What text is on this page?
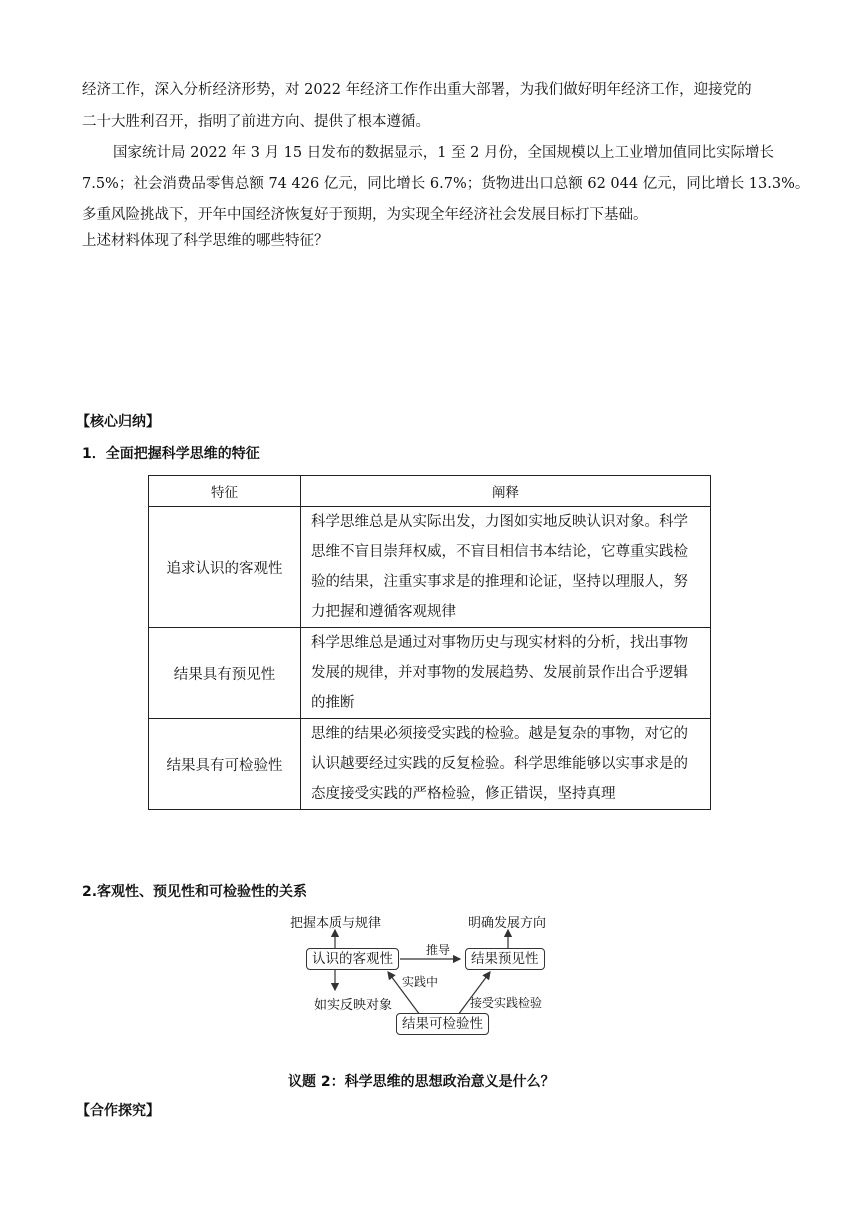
经济工作，深入分析经济形势，对 2022 年经济工作作出重大部署，为我们做好明年经济工作，迎接党的
二十大胜利召开，指明了前进方向、提供了根本遵循。
国家统计局 2022 年 3 月 15 日发布的数据显示，1 至 2 月份，全国规模以上工业增加值同比实际增长
7.5%；社会消费品零售总额 74 426 亿元，同比增长 6.7%；货物进出口总额 62 044 亿元，同比增长 13.3%。
多重风险挑战下，开年中国经济恢复好于预期，为实现全年经济社会发展目标打下基础。
上述材料体现了科学思维的哪些特征？
【核心归纳】
1．全面把握科学思维的特征
特征	阐释
追求认识的客观性	科学思维总是从实际出发，力图如实地反映认识对象。科学
思维不盲目崇拜权威，不盲目相信书本结论，它尊重实践检
验的结果，注重实事求是的推理和论证，坚持以理服人，努
力把握和遵循客观规律

结果具有预见性	科学思维总是通过对事物历史与现实材料的分析，找出事物
发展的规律，并对事物的发展趋势、发展前景作出合乎逻辑
的推断

结果具有可检验性	思维的结果必须接受实践的检验。越是复杂的事物，对它的
认识越要经过实践的反复检验。科学思维能够以实事求是的
态度接受实践的严格检验，修正错误，坚持真理
2.客观性、预见性和可检验性的关系
把握本质与规律	明确发展方向
认识的客观性	结果预见性
推导
实践中
如实反映对象	接受实践检验
结果可检验性
议题 2：科学思维的思想政治意义是什么？
【合作探究】
